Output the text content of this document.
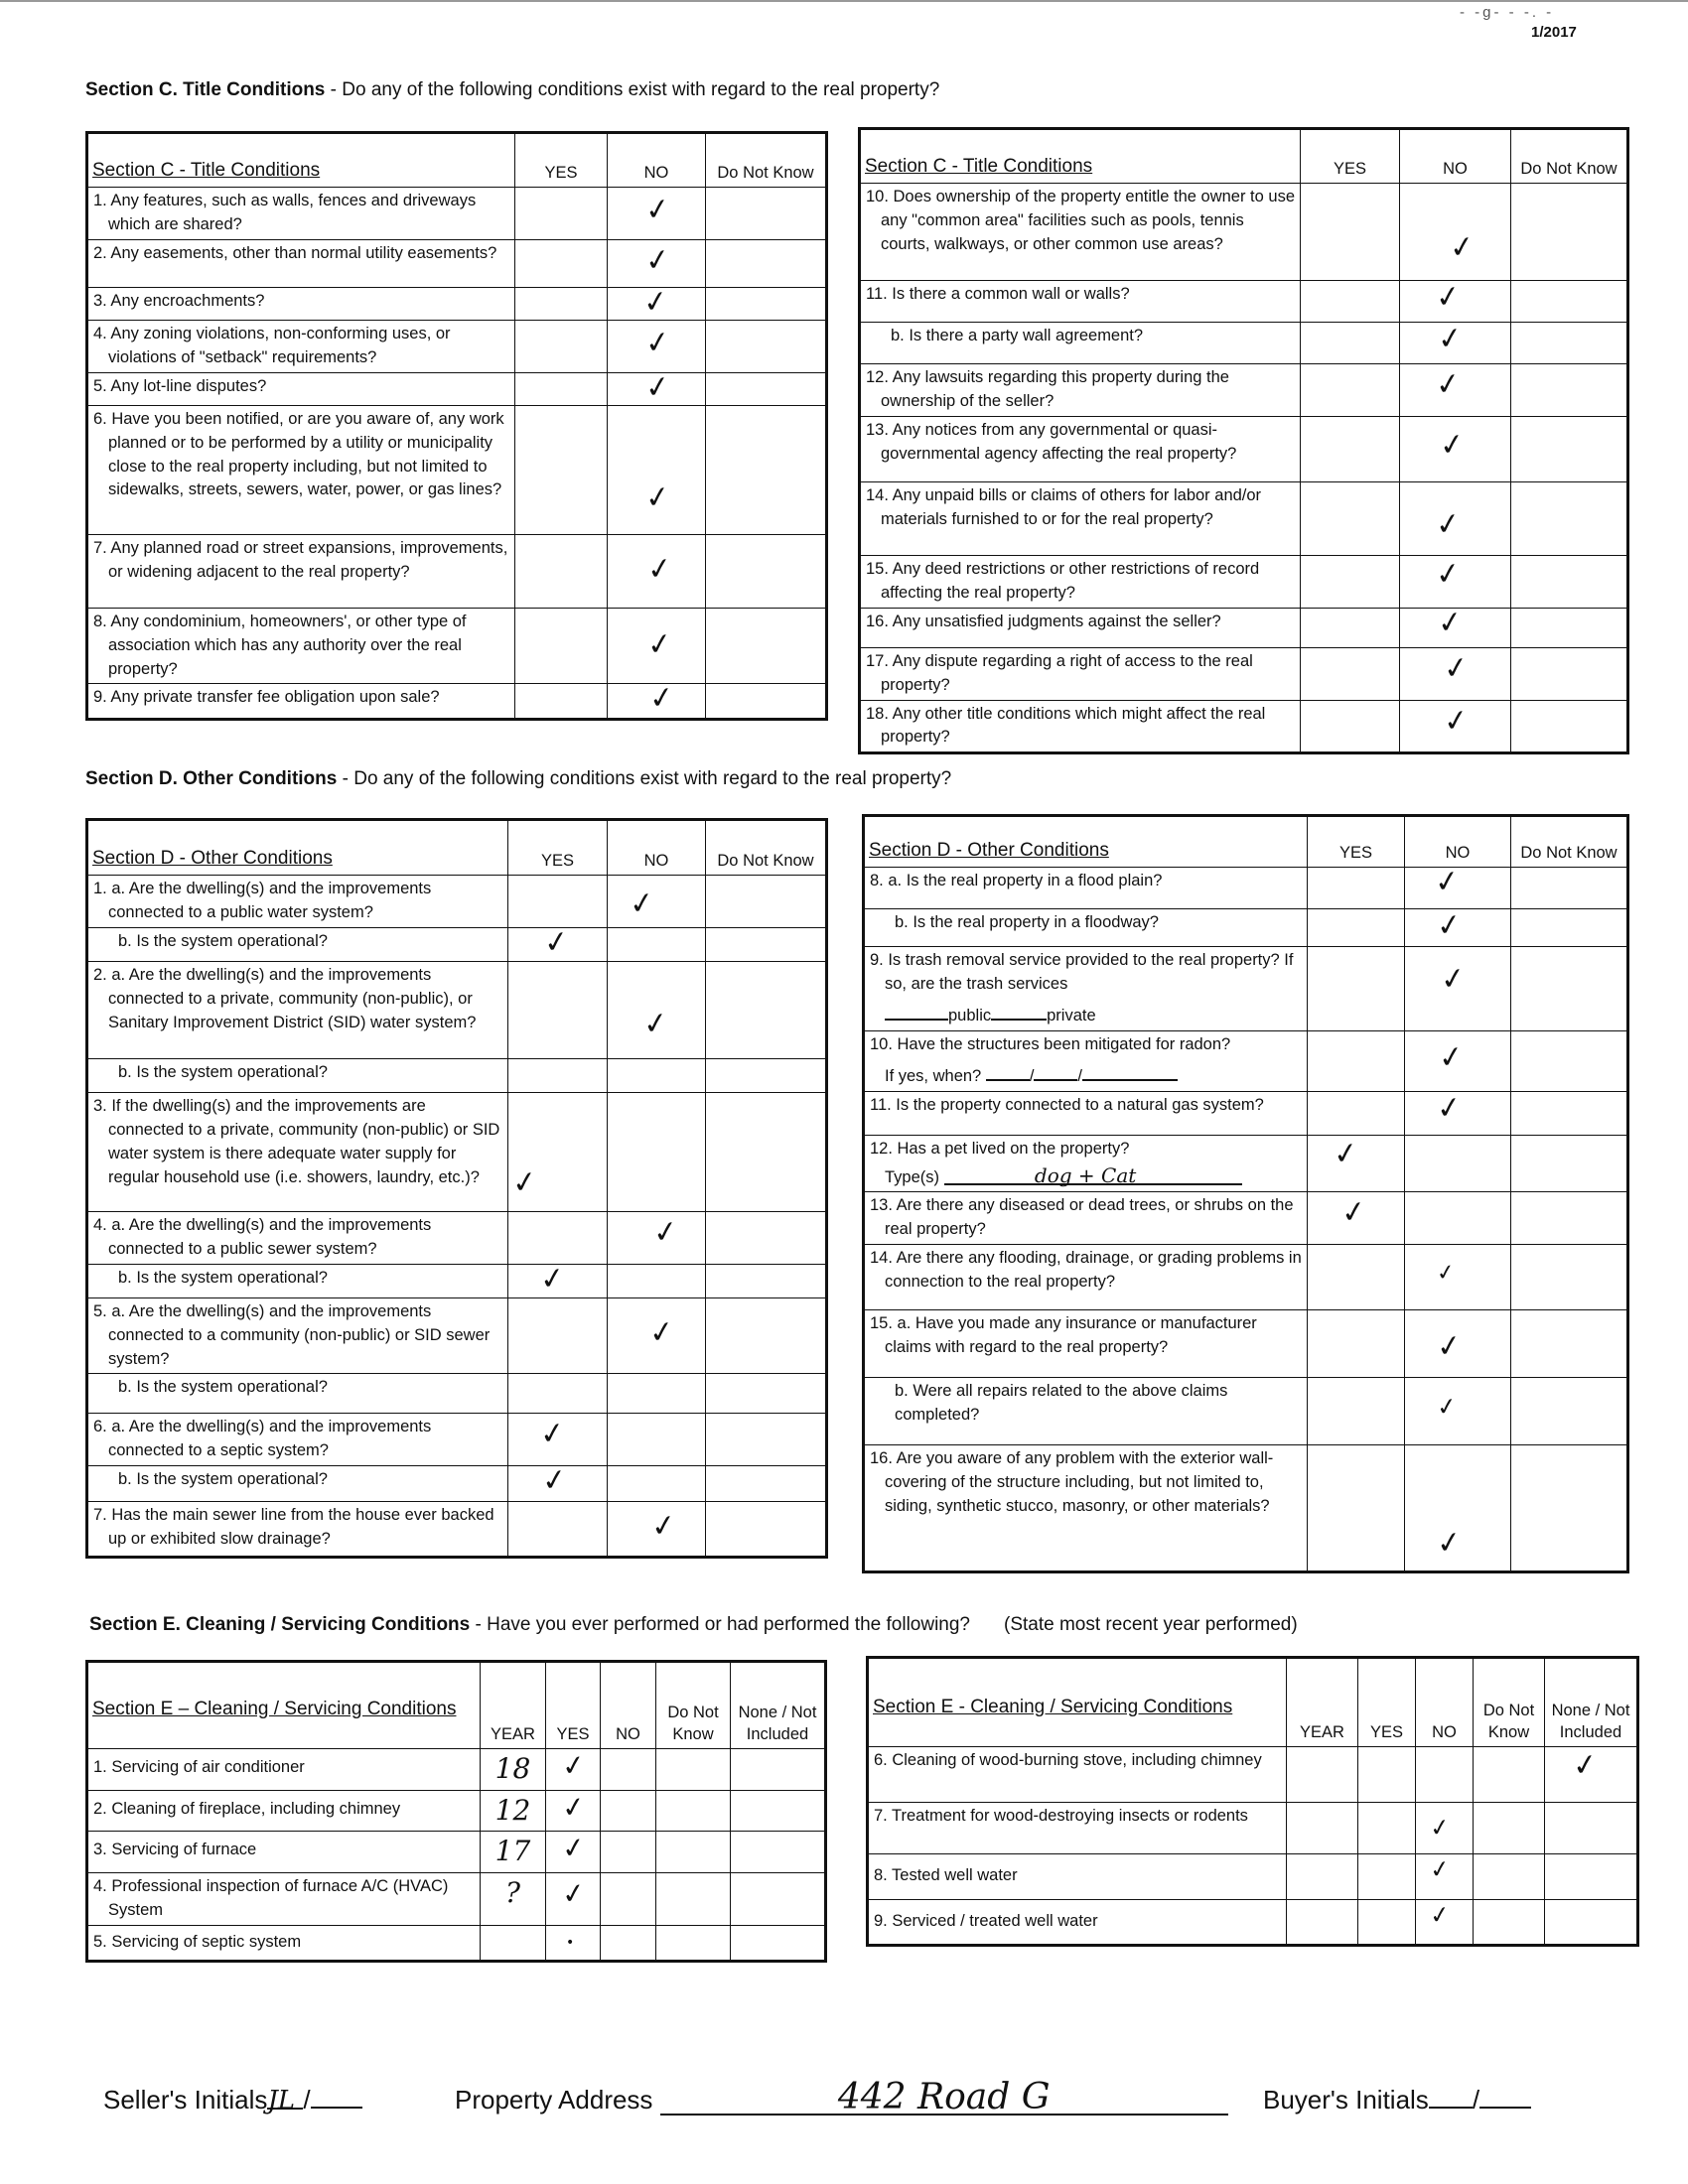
- -g- - -. -
1/2017
Section C. Title Conditions - Do any of the following conditions exist with regard to the real property?
Section C - Title Conditions	YES	NO	Do Not Know
1. Any features, such as walls, fences and driveways which are shared?		✓	

2. Any easements, other than normal utility easements?		✓	

3. Any encroachments?		✓	

4. Any zoning violations, non-conforming uses, or violations of "setback" requirements?		✓	

5. Any lot-line disputes?		✓	

6. Have you been notified, or are you aware of, any work planned or to be performed by a utility or municipality close to the real property including, but not limited to sidewalks, streets, sewers, water, power, or gas lines?		✓	

7. Any planned road or street expansions, improvements, or widening adjacent to the real property?		✓	

8. Any condominium, homeowners', or other type of association which has any authority over the real property?		✓	

9. Any private transfer fee obligation upon sale?		✓	

Section C - Title Conditions	YES	NO	Do Not Know
10. Does ownership of the property entitle the owner to use any "common area" facilities such as pools, tennis courts, walkways, or other common use areas?		✓	

11. Is there a common wall or walls?		✓	

b. Is there a party wall agreement?		✓	

12. Any lawsuits regarding this property during the ownership of the seller?		✓	

13. Any notices from any governmental or quasi-governmental agency affecting the real property?		✓	

14. Any unpaid bills or claims of others for labor and/or materials furnished to or for the real property?		✓	

15. Any deed restrictions or other restrictions of record affecting the real property?		✓	

16. Any unsatisfied judgments against the seller?		✓	

17. Any dispute regarding a right of access to the real property?		✓	

18. Any other title conditions which might affect the real property?		✓	

Section D. Other Conditions - Do any of the following conditions exist with regard to the real property?
Section D - Other Conditions	YES	NO	Do Not Know
1. a. Are the dwelling(s) and the improvements connected to a public water system?		✓	

b. Is the system operational?	✓		

2. a. Are the dwelling(s) and the improvements connected to a private, community (non-public), or Sanitary Improvement District (SID) water system?		✓	

b. Is the system operational?			
3. If the dwelling(s) and the improvements are connected to a private, community (non-public) or SID water system is there adequate water supply for regular household use (i.e. showers, laundry, etc.)?	✓		

4. a. Are the dwelling(s) and the improvements connected to a public sewer system?		✓	

b. Is the system operational?	✓		

5. a. Are the dwelling(s) and the improvements connected to a community (non-public) or SID sewer system?		✓	

b. Is the system operational?			
6. a. Are the dwelling(s) and the improvements connected to a septic system?	✓		

b. Is the system operational?	✓		

7. Has the main sewer line from the house ever backed up or exhibited slow drainage?		✓	

Section D - Other Conditions	YES	NO	Do Not Know
8. a. Is the real property in a flood plain?		✓	

b. Is the real property in a floodway?		✓	

9. Is trash removal service provided to the real property? If so, are the trash services
public private		✓	

10. Have the structures been mitigated for radon?
If yes, when? / /		✓	

11. Is the property connected to a natural gas system?		✓	

12. Has a pet lived on the property?
Type(s) dog + Cat	✓		

13. Are there any diseased or dead trees, or shrubs on the real property?	✓		

14. Are there any flooding, drainage, or grading problems in connection to the real property?		✓	

15. a. Have you made any insurance or manufacturer claims with regard to the real property?		✓	

b. Were all repairs related to the above claims completed?		✓	

16. Are you aware of any problem with the exterior wall-covering of the structure including, but not limited to, siding, synthetic stucco, masonry, or other materials?		✓	

Section E. Cleaning / Servicing Conditions - Have you ever performed or had performed the following? (State most recent year performed)
Section E – Cleaning / Servicing Conditions	YEAR	YES	NO	Do Not Know	None / Not Included
1. Servicing of air conditioner	18	✓			

2. Cleaning of fireplace, including chimney	12	✓			

3. Servicing of furnace	17	✓			

4. Professional inspection of furnace A/C (HVAC) System	?	✓			

5. Servicing of septic system		•			

Section E - Cleaning / Servicing Conditions	YEAR	YES	NO	Do Not Know	None / Not Included
6. Cleaning of wood-burning stove, including chimney					✓

7. Treatment for wood-destroying insects or rodents			✓		

8. Tested well water			✓		

9. Serviced / treated well water			✓		

Seller's InitialsJL /	Property Address	442 Road G	Buyer's Initials /
